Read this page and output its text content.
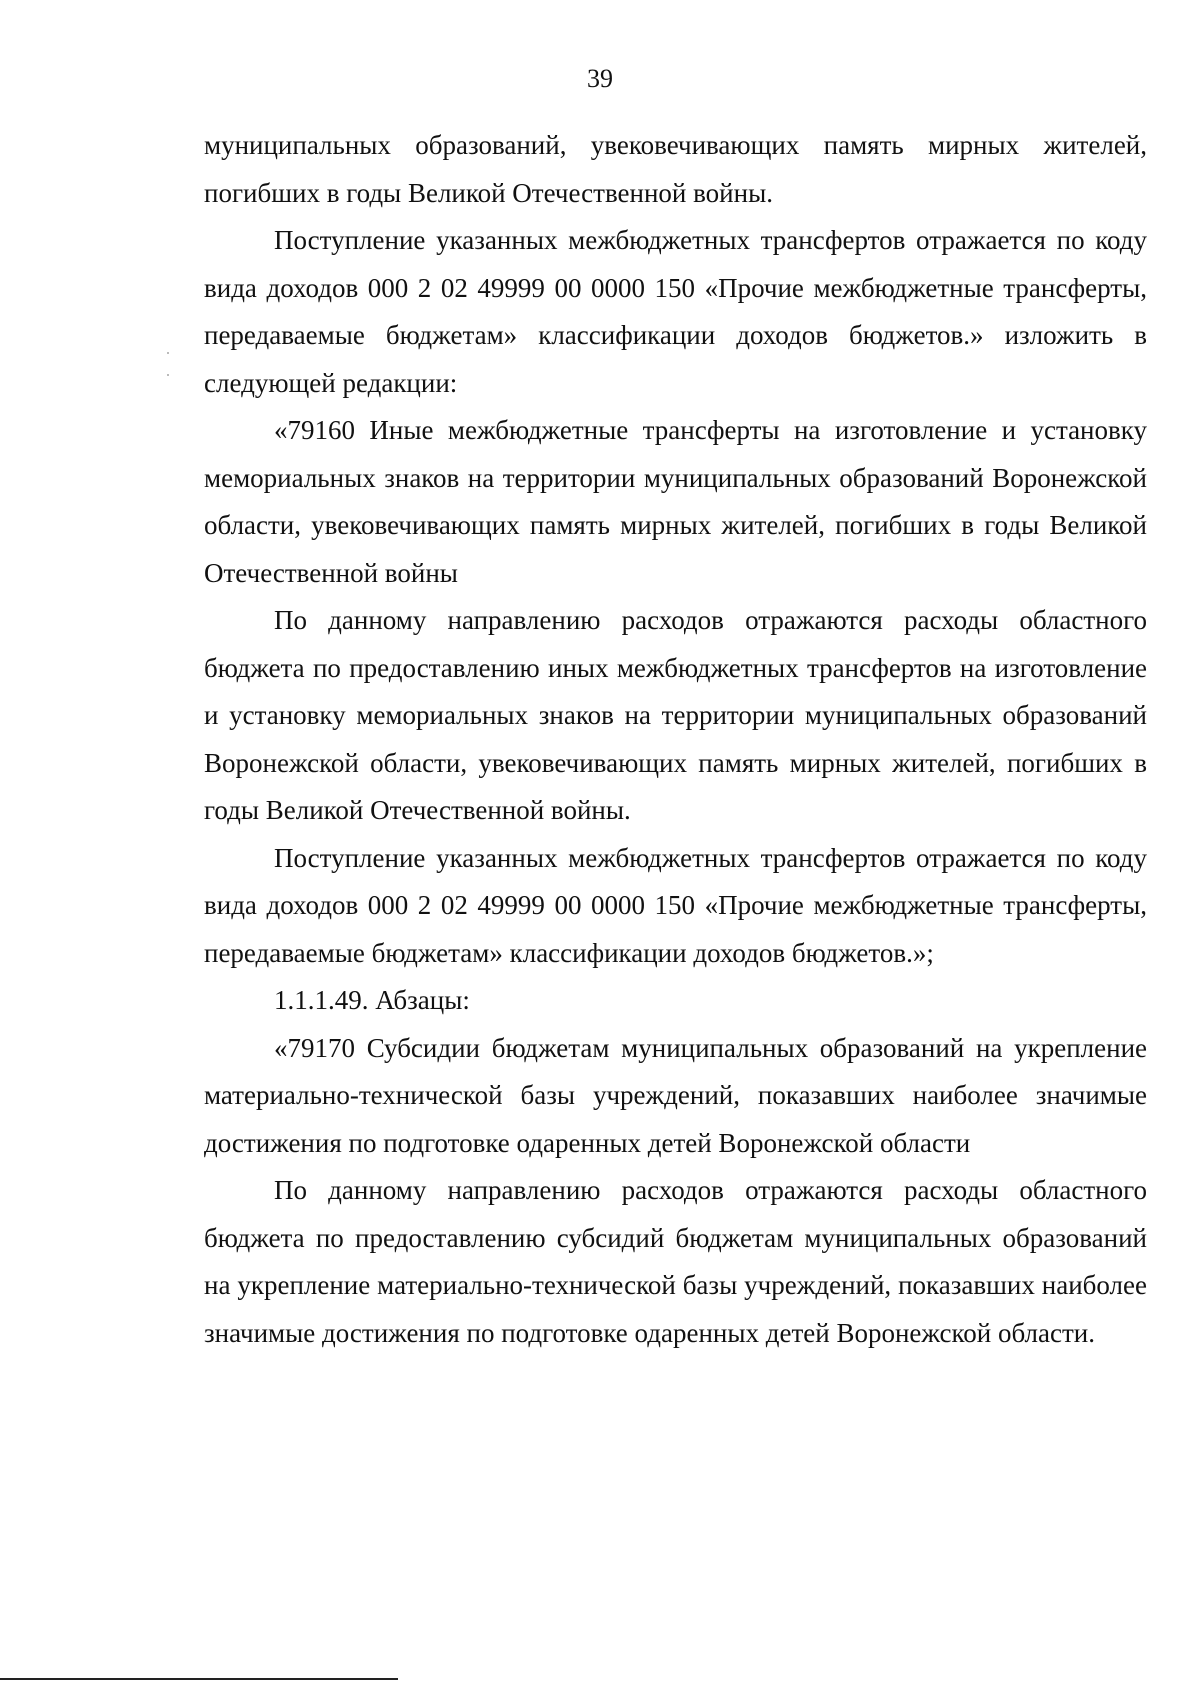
39

муниципальных образований, увековечивающих память мирных жителей, погибших в годы Великой Отечественной войны.

Поступление указанных межбюджетных трансфертов отражается по коду вида доходов 000 2 02 49999 00 0000 150 «Прочие межбюджетные трансферты, передаваемые бюджетам» классификации доходов бюджетов.» изложить в следующей редакции:

«79160 Иные межбюджетные трансферты на изготовление и установку мемориальных знаков на территории муниципальных образований Воронежской области, увековечивающих память мирных жителей, погибших в годы Великой Отечественной войны

По данному направлению расходов отражаются расходы областного бюджета по предоставлению иных межбюджетных трансфертов на изготовление и установку мемориальных знаков на территории муниципальных образований Воронежской области, увековечивающих память мирных жителей, погибших в годы Великой Отечественной войны.

Поступление указанных межбюджетных трансфертов отражается по коду вида доходов 000 2 02 49999 00 0000 150 «Прочие межбюджетные трансферты, передаваемые бюджетам» классификации доходов бюджетов.»;

1.1.1.49. Абзацы:

«79170 Субсидии бюджетам муниципальных образований на укрепление материально-технической базы учреждений, показавших наиболее значимые достижения по подготовке одаренных детей Воронежской области

По данному направлению расходов отражаются расходы областного бюджета по предоставлению субсидий бюджетам муниципальных образований на укрепление материально-технической базы учреждений, показавших наиболее значимые достижения по подготовке одаренных детей Воронежской области.
